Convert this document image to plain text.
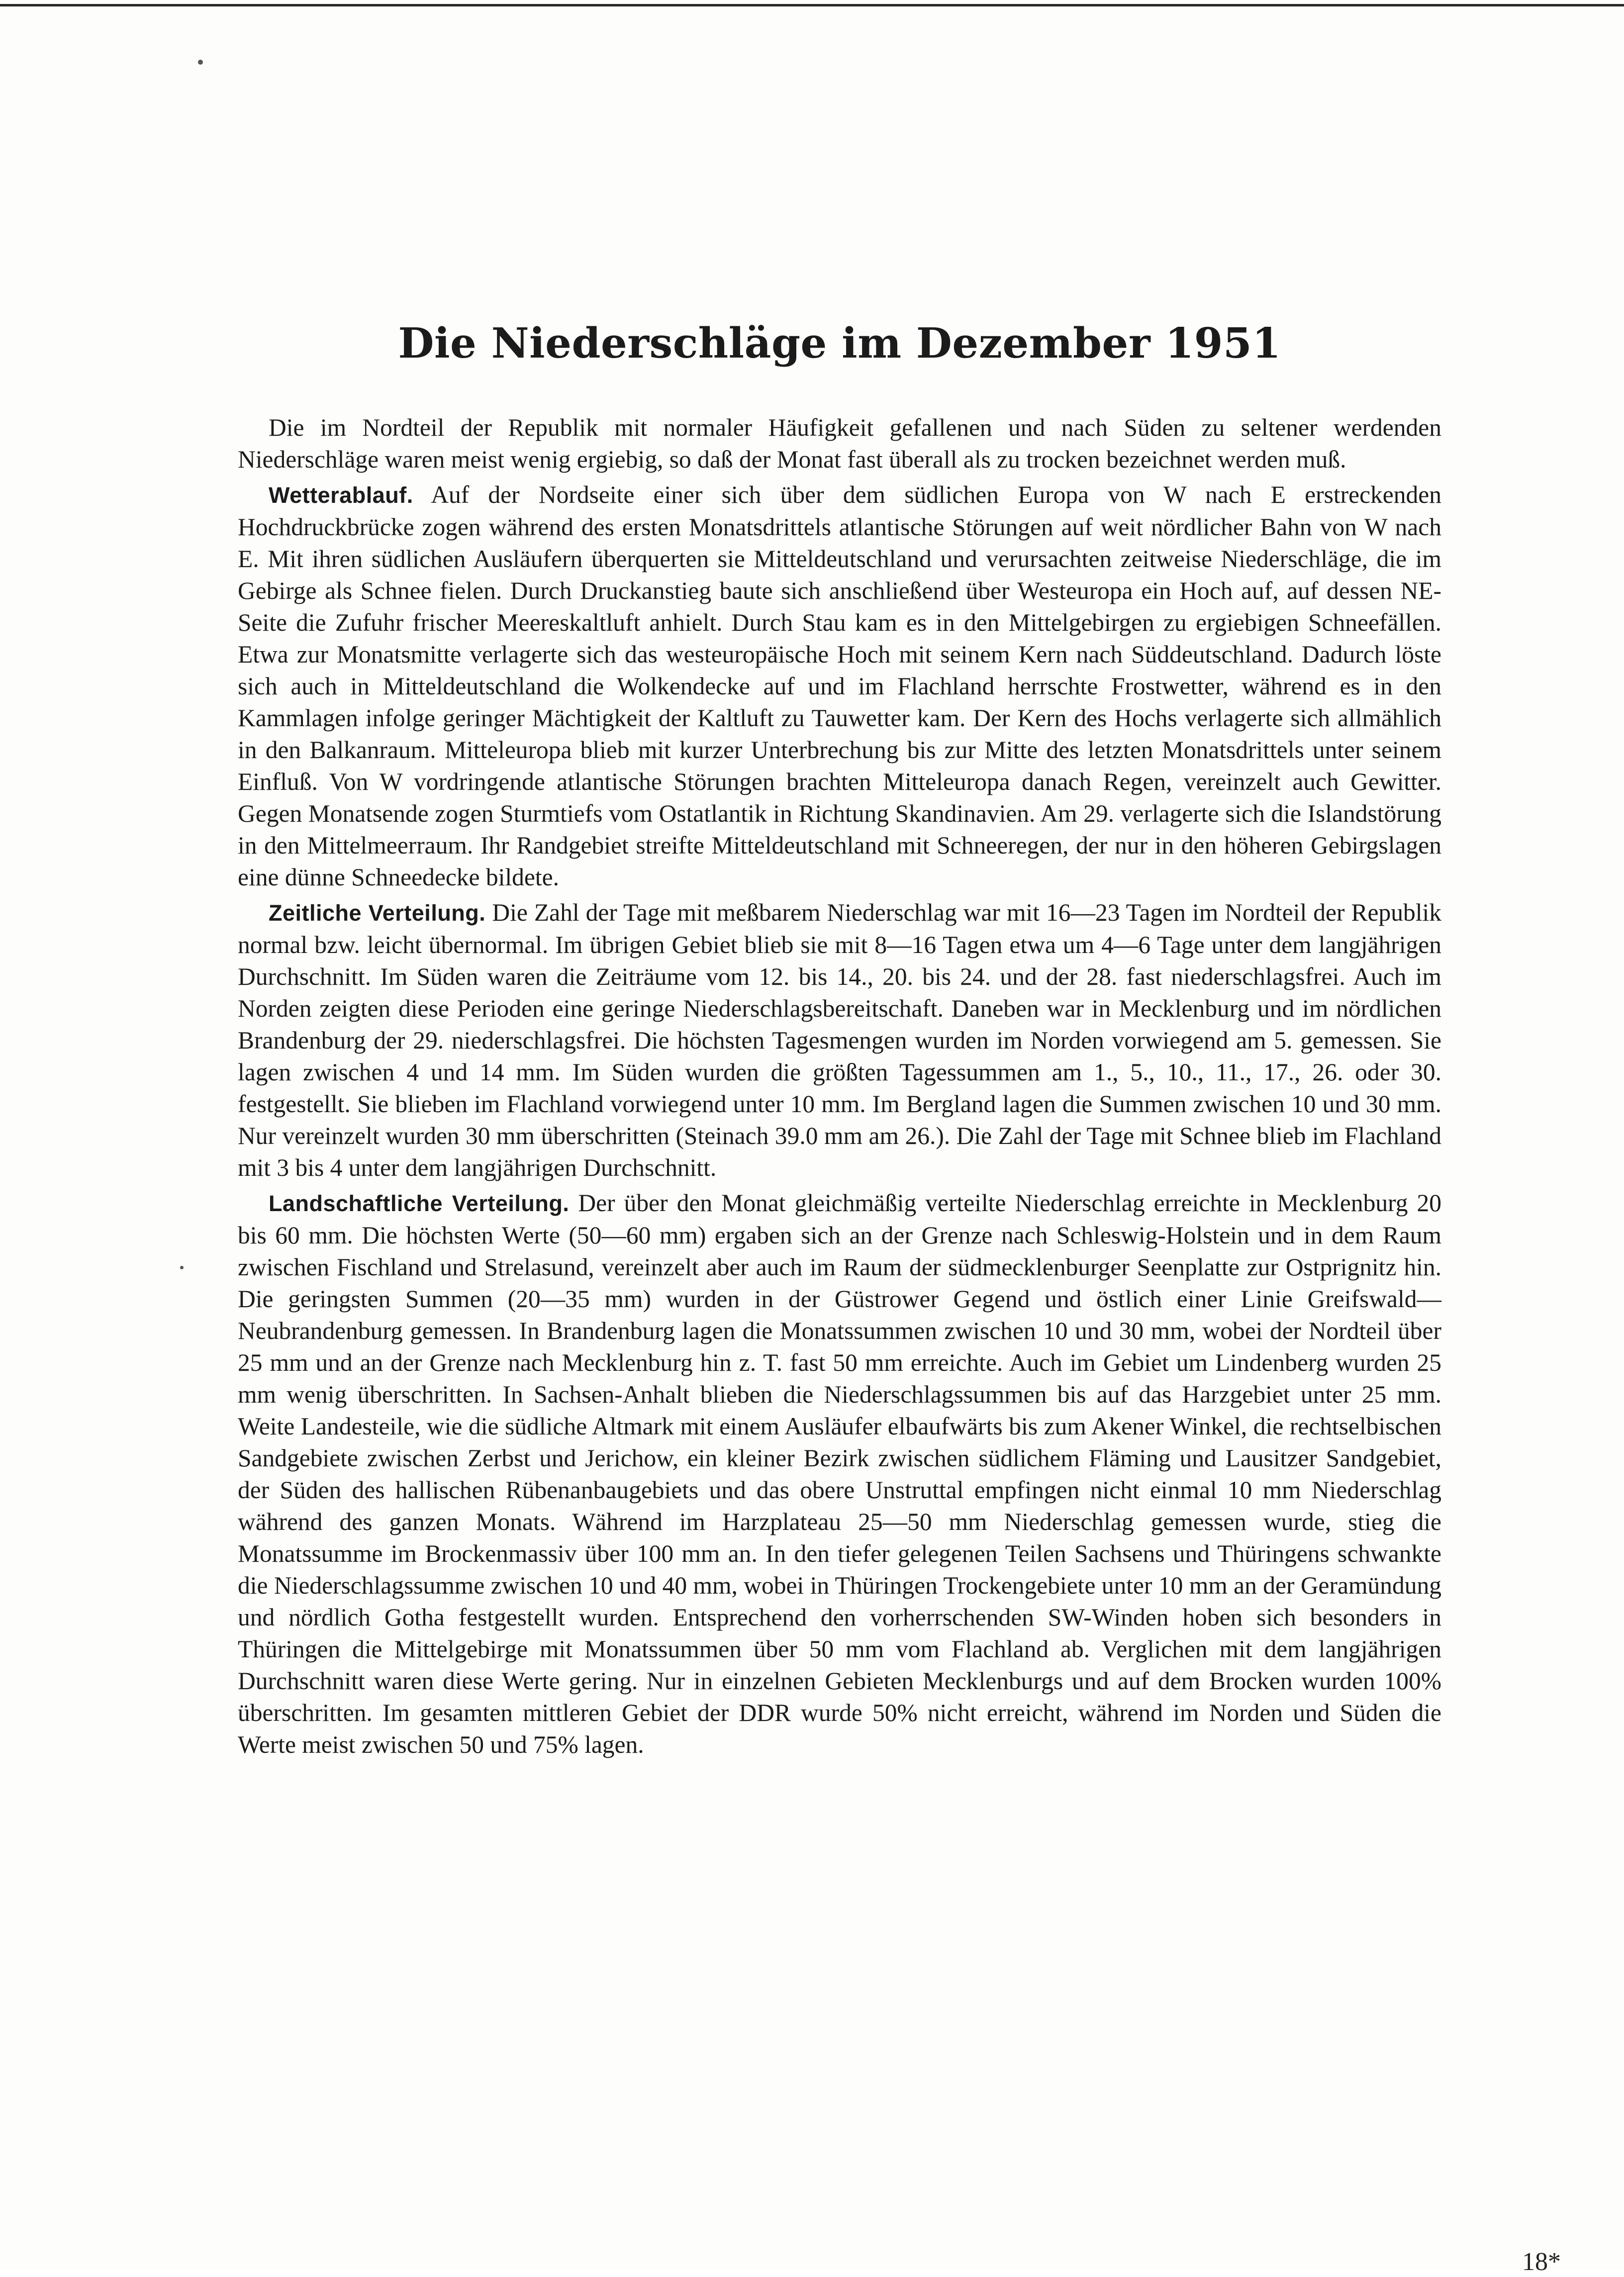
Die Niederschläge im Dezember 1951

Die im Nordteil der Republik mit normaler Häufigkeit gefallenen und nach Süden zu seltener werdenden Niederschläge waren meist wenig ergiebig, so daß der Monat fast überall als zu trocken bezeichnet werden muß.

Wetterablauf. Auf der Nordseite einer sich über dem südlichen Europa von W nach E erstreckenden Hochdruckbrücke zogen während des ersten Monatsdrittels atlantische Störungen auf weit nördlicher Bahn von W nach E. Mit ihren südlichen Ausläufern überquerten sie Mitteldeutschland und verursachten zeitweise Niederschläge, die im Gebirge als Schnee fielen. Durch Druckanstieg baute sich anschließend über Westeuropa ein Hoch auf, auf dessen NE-Seite die Zufuhr frischer Meereskaltluft anhielt. Durch Stau kam es in den Mittelgebirgen zu ergiebigen Schneefällen. Etwa zur Monatsmitte verlagerte sich das westeuropäische Hoch mit seinem Kern nach Süddeutschland. Dadurch löste sich auch in Mitteldeutschland die Wolkendecke auf und im Flachland herrschte Frostwetter, während es in den Kammlagen infolge geringer Mächtigkeit der Kaltluft zu Tauwetter kam. Der Kern des Hochs verlagerte sich allmählich in den Balkanraum. Mitteleuropa blieb mit kurzer Unterbrechung bis zur Mitte des letzten Monatsdrittels unter seinem Einfluß. Von W vordringende atlantische Störungen brachten Mitteleuropa danach Regen, vereinzelt auch Gewitter. Gegen Monatsende zogen Sturmtiefs vom Ostatlantik in Richtung Skandinavien. Am 29. verlagerte sich die Islandstörung in den Mittelmeerraum. Ihr Randgebiet streifte Mitteldeutschland mit Schneeregen, der nur in den höheren Gebirgslagen eine dünne Schneedecke bildete.

Zeitliche Verteilung. Die Zahl der Tage mit meßbarem Niederschlag war mit 16—23 Tagen im Nordteil der Republik normal bzw. leicht übernormal. Im übrigen Gebiet blieb sie mit 8—16 Tagen etwa um 4—6 Tage unter dem langjährigen Durchschnitt. Im Süden waren die Zeiträume vom 12. bis 14., 20. bis 24. und der 28. fast niederschlagsfrei. Auch im Norden zeigten diese Perioden eine geringe Niederschlagsbereitschaft. Daneben war in Mecklenburg und im nördlichen Brandenburg der 29. niederschlagsfrei. Die höchsten Tagesmengen wurden im Norden vorwiegend am 5. gemessen. Sie lagen zwischen 4 und 14 mm. Im Süden wurden die größten Tagessummen am 1., 5., 10., 11., 17., 26. oder 30. festgestellt. Sie blieben im Flachland vorwiegend unter 10 mm. Im Bergland lagen die Summen zwischen 10 und 30 mm. Nur vereinzelt wurden 30 mm überschritten (Steinach 39.0 mm am 26.). Die Zahl der Tage mit Schnee blieb im Flachland mit 3 bis 4 unter dem langjährigen Durchschnitt.

Landschaftliche Verteilung. Der über den Monat gleichmäßig verteilte Niederschlag erreichte in Mecklenburg 20 bis 60 mm. Die höchsten Werte (50—60 mm) ergaben sich an der Grenze nach Schleswig-Holstein und in dem Raum zwischen Fischland und Strelasund, vereinzelt aber auch im Raum der südmecklenburger Seenplatte zur Ostprignitz hin. Die geringsten Summen (20—35 mm) wurden in der Güstrower Gegend und östlich einer Linie Greifswald—Neubrandenburg gemessen. In Brandenburg lagen die Monatssummen zwischen 10 und 30 mm, wobei der Nordteil über 25 mm und an der Grenze nach Mecklenburg hin z. T. fast 50 mm erreichte. Auch im Gebiet um Lindenberg wurden 25 mm wenig überschritten. In Sachsen-Anhalt blieben die Niederschlagssummen bis auf das Harzgebiet unter 25 mm. Weite Landesteile, wie die südliche Altmark mit einem Ausläufer elbaufwärts bis zum Akener Winkel, die rechtselbischen Sandgebiete zwischen Zerbst und Jerichow, ein kleiner Bezirk zwischen südlichem Fläming und Lausitzer Sandgebiet, der Süden des hallischen Rübenanbaugebiets und das obere Unstruttal empfingen nicht einmal 10 mm Niederschlag während des ganzen Monats. Während im Harzplateau 25—50 mm Niederschlag gemessen wurde, stieg die Monatssumme im Brockenmassiv über 100 mm an. In den tiefer gelegenen Teilen Sachsens und Thüringens schwankte die Niederschlagssumme zwischen 10 und 40 mm, wobei in Thüringen Trockengebiete unter 10 mm an der Geramündung und nördlich Gotha festgestellt wurden. Entsprechend den vorherrschenden SW-Winden hoben sich besonders in Thüringen die Mittelgebirge mit Monatssummen über 50 mm vom Flachland ab. Verglichen mit dem langjährigen Durchschnitt waren diese Werte gering. Nur in einzelnen Gebieten Mecklenburgs und auf dem Brocken wurden 100% überschritten. Im gesamten mittleren Gebiet der DDR wurde 50% nicht erreicht, während im Norden und Süden die Werte meist zwischen 50 und 75% lagen.

18*
